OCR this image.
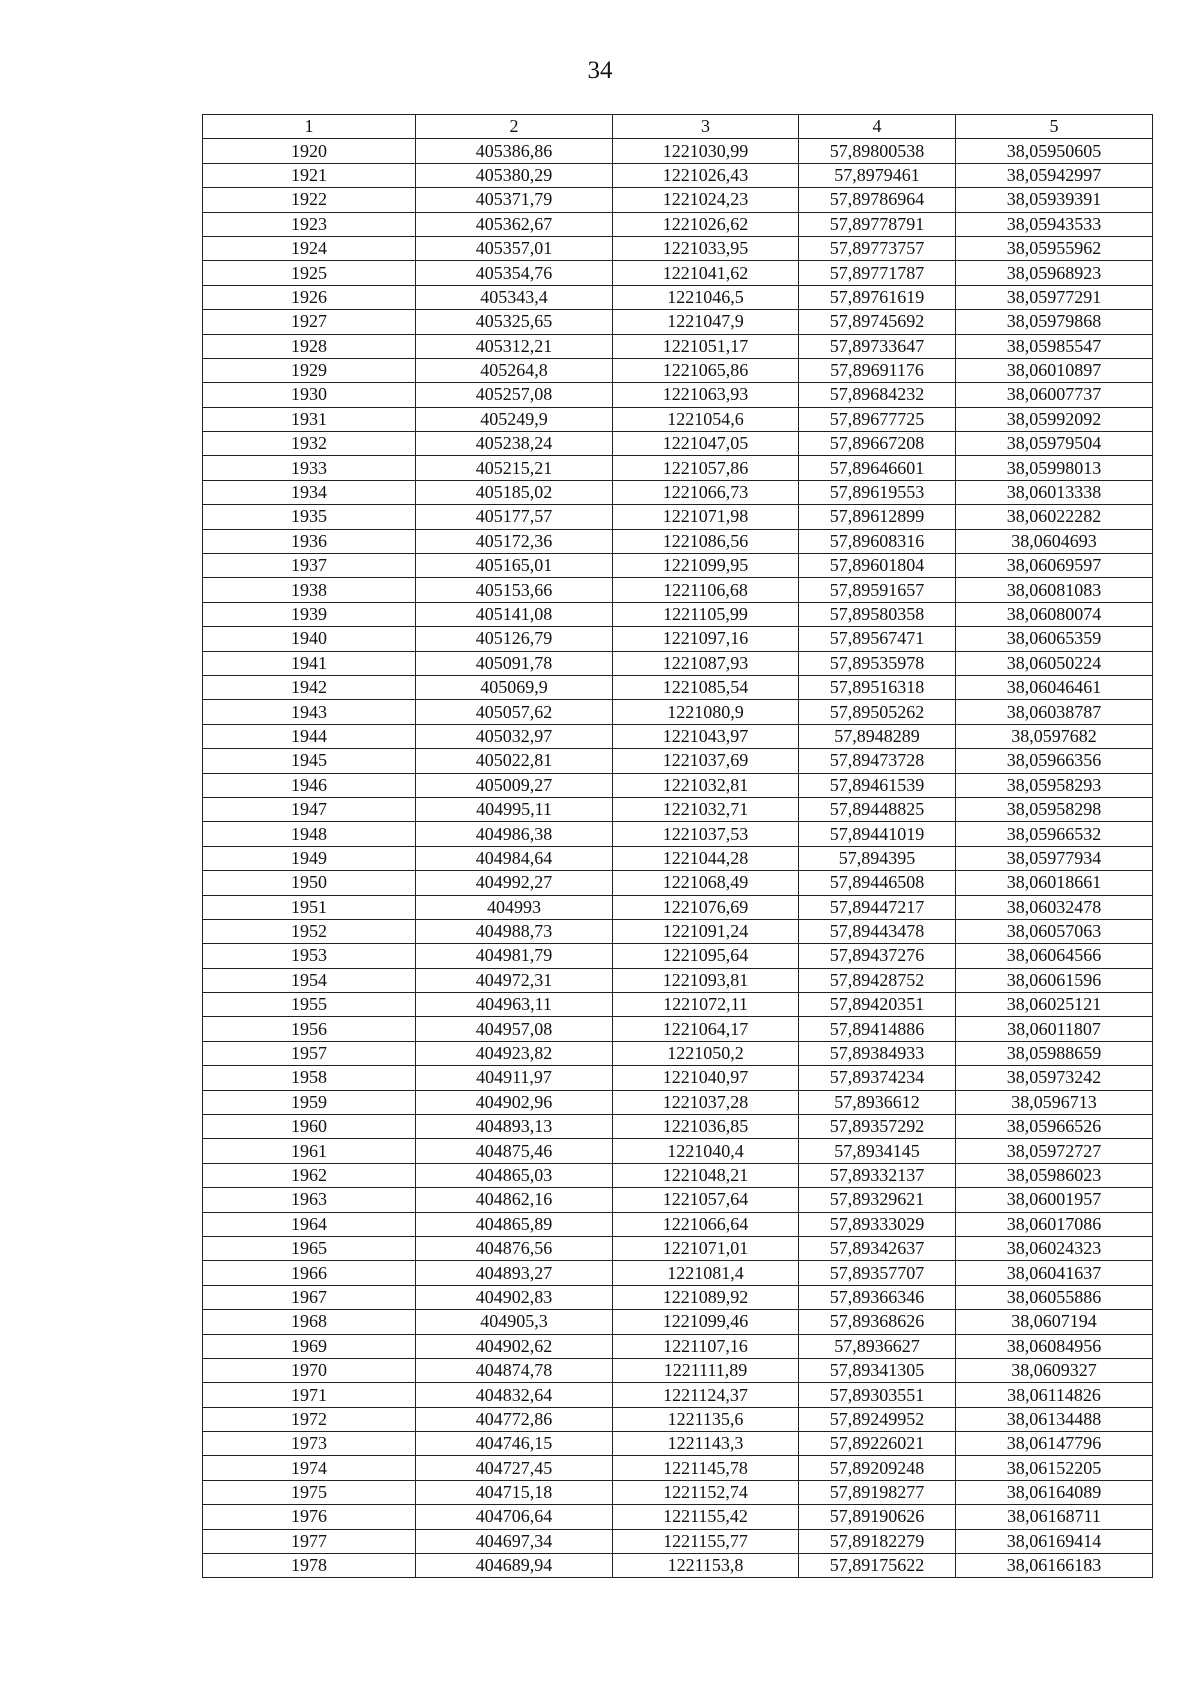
34
1	2	3	4	5
1920	405386,86	1221030,99	57,89800538	38,05950605
1921	405380,29	1221026,43	57,8979461	38,05942997
1922	405371,79	1221024,23	57,89786964	38,05939391
1923	405362,67	1221026,62	57,89778791	38,05943533
1924	405357,01	1221033,95	57,89773757	38,05955962
1925	405354,76	1221041,62	57,89771787	38,05968923
1926	405343,4	1221046,5	57,89761619	38,05977291
1927	405325,65	1221047,9	57,89745692	38,05979868
1928	405312,21	1221051,17	57,89733647	38,05985547
1929	405264,8	1221065,86	57,89691176	38,06010897
1930	405257,08	1221063,93	57,89684232	38,06007737
1931	405249,9	1221054,6	57,89677725	38,05992092
1932	405238,24	1221047,05	57,89667208	38,05979504
1933	405215,21	1221057,86	57,89646601	38,05998013
1934	405185,02	1221066,73	57,89619553	38,06013338
1935	405177,57	1221071,98	57,89612899	38,06022282
1936	405172,36	1221086,56	57,89608316	38,0604693
1937	405165,01	1221099,95	57,89601804	38,06069597
1938	405153,66	1221106,68	57,89591657	38,06081083
1939	405141,08	1221105,99	57,89580358	38,06080074
1940	405126,79	1221097,16	57,89567471	38,06065359
1941	405091,78	1221087,93	57,89535978	38,06050224
1942	405069,9	1221085,54	57,89516318	38,06046461
1943	405057,62	1221080,9	57,89505262	38,06038787
1944	405032,97	1221043,97	57,8948289	38,0597682
1945	405022,81	1221037,69	57,89473728	38,05966356
1946	405009,27	1221032,81	57,89461539	38,05958293
1947	404995,11	1221032,71	57,89448825	38,05958298
1948	404986,38	1221037,53	57,89441019	38,05966532
1949	404984,64	1221044,28	57,894395	38,05977934
1950	404992,27	1221068,49	57,89446508	38,06018661
1951	404993	1221076,69	57,89447217	38,06032478
1952	404988,73	1221091,24	57,89443478	38,06057063
1953	404981,79	1221095,64	57,89437276	38,06064566
1954	404972,31	1221093,81	57,89428752	38,06061596
1955	404963,11	1221072,11	57,89420351	38,06025121
1956	404957,08	1221064,17	57,89414886	38,06011807
1957	404923,82	1221050,2	57,89384933	38,05988659
1958	404911,97	1221040,97	57,89374234	38,05973242
1959	404902,96	1221037,28	57,8936612	38,0596713
1960	404893,13	1221036,85	57,89357292	38,05966526
1961	404875,46	1221040,4	57,8934145	38,05972727
1962	404865,03	1221048,21	57,89332137	38,05986023
1963	404862,16	1221057,64	57,89329621	38,06001957
1964	404865,89	1221066,64	57,89333029	38,06017086
1965	404876,56	1221071,01	57,89342637	38,06024323
1966	404893,27	1221081,4	57,89357707	38,06041637
1967	404902,83	1221089,92	57,89366346	38,06055886
1968	404905,3	1221099,46	57,89368626	38,0607194
1969	404902,62	1221107,16	57,8936627	38,06084956
1970	404874,78	1221111,89	57,89341305	38,0609327
1971	404832,64	1221124,37	57,89303551	38,06114826
1972	404772,86	1221135,6	57,89249952	38,06134488
1973	404746,15	1221143,3	57,89226021	38,06147796
1974	404727,45	1221145,78	57,89209248	38,06152205
1975	404715,18	1221152,74	57,89198277	38,06164089
1976	404706,64	1221155,42	57,89190626	38,06168711
1977	404697,34	1221155,77	57,89182279	38,06169414
1978	404689,94	1221153,8	57,89175622	38,06166183
